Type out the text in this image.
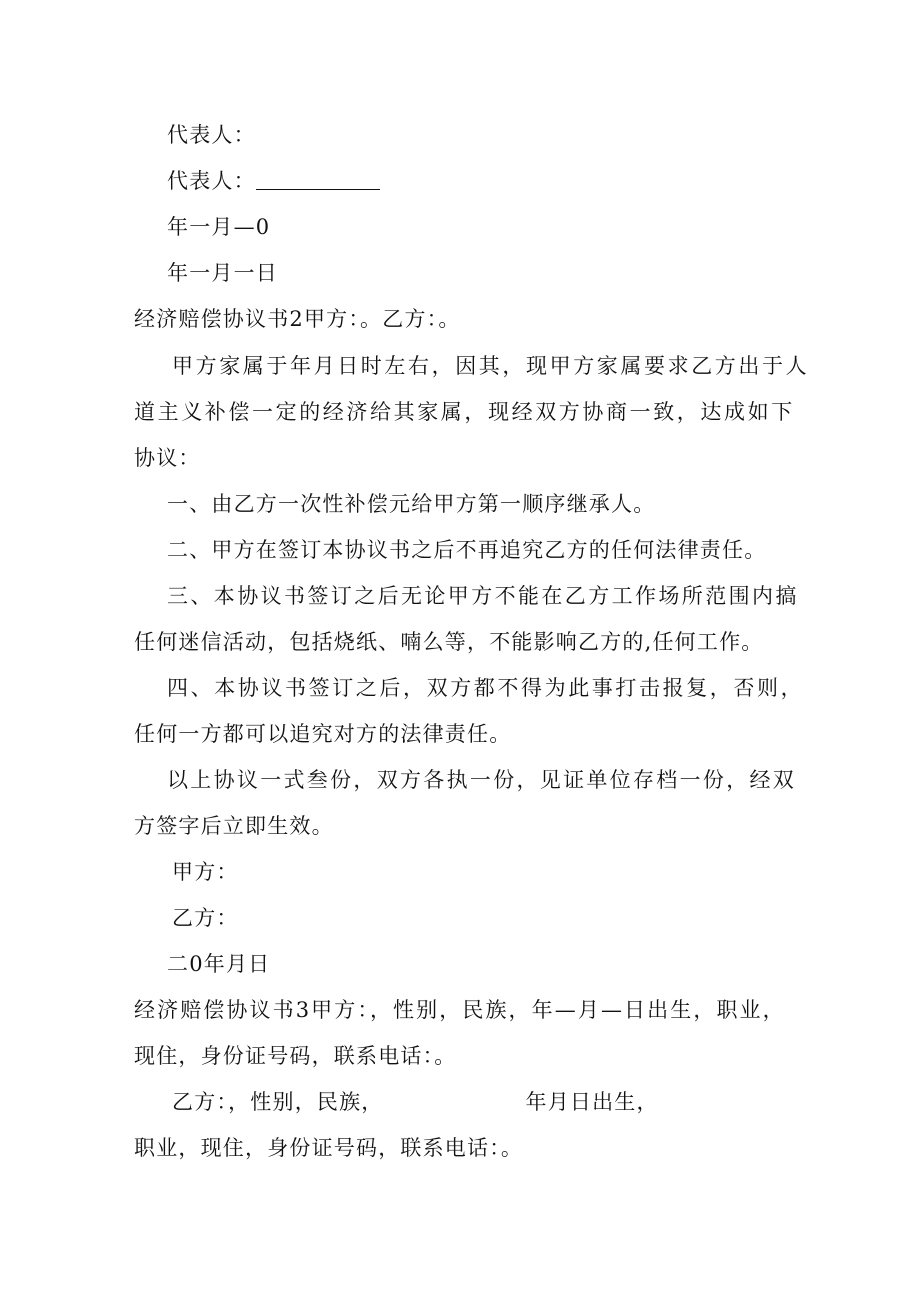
代表人：
代表人：
年一月—0
年一月一日
经济赔偿协议书2甲方：。乙方：。
甲方家属于年月日时左右，因其，现甲方家属要求乙方出于人
道主义补偿一定的经济给其家属，现经双方协商一致，达成如下
协议：
一、由乙方一次性补偿元给甲方第一顺序继承人。
二、甲方在签订本协议书之后不再追究乙方的任何法律责任。
三、本协议书签订之后无论甲方不能在乙方工作场所范围内搞
任何迷信活动，包括烧纸、喃么等，不能影响乙方的,任何工作。
四、本协议书签订之后，双方都不得为此事打击报复，否则，
任何一方都可以追究对方的法律责任。
以上协议一式叁份，双方各执一份，见证单位存档一份，经双
方签字后立即生效。
甲方：
乙方：
二0年月日
经济赔偿协议书3甲方：，性别，民族，年—月—日出生，职业，
现住，身份证号码，联系电话：。
乙方：，性别，民族，	年月日出生，
职业，现住，身份证号码，联系电话：。
